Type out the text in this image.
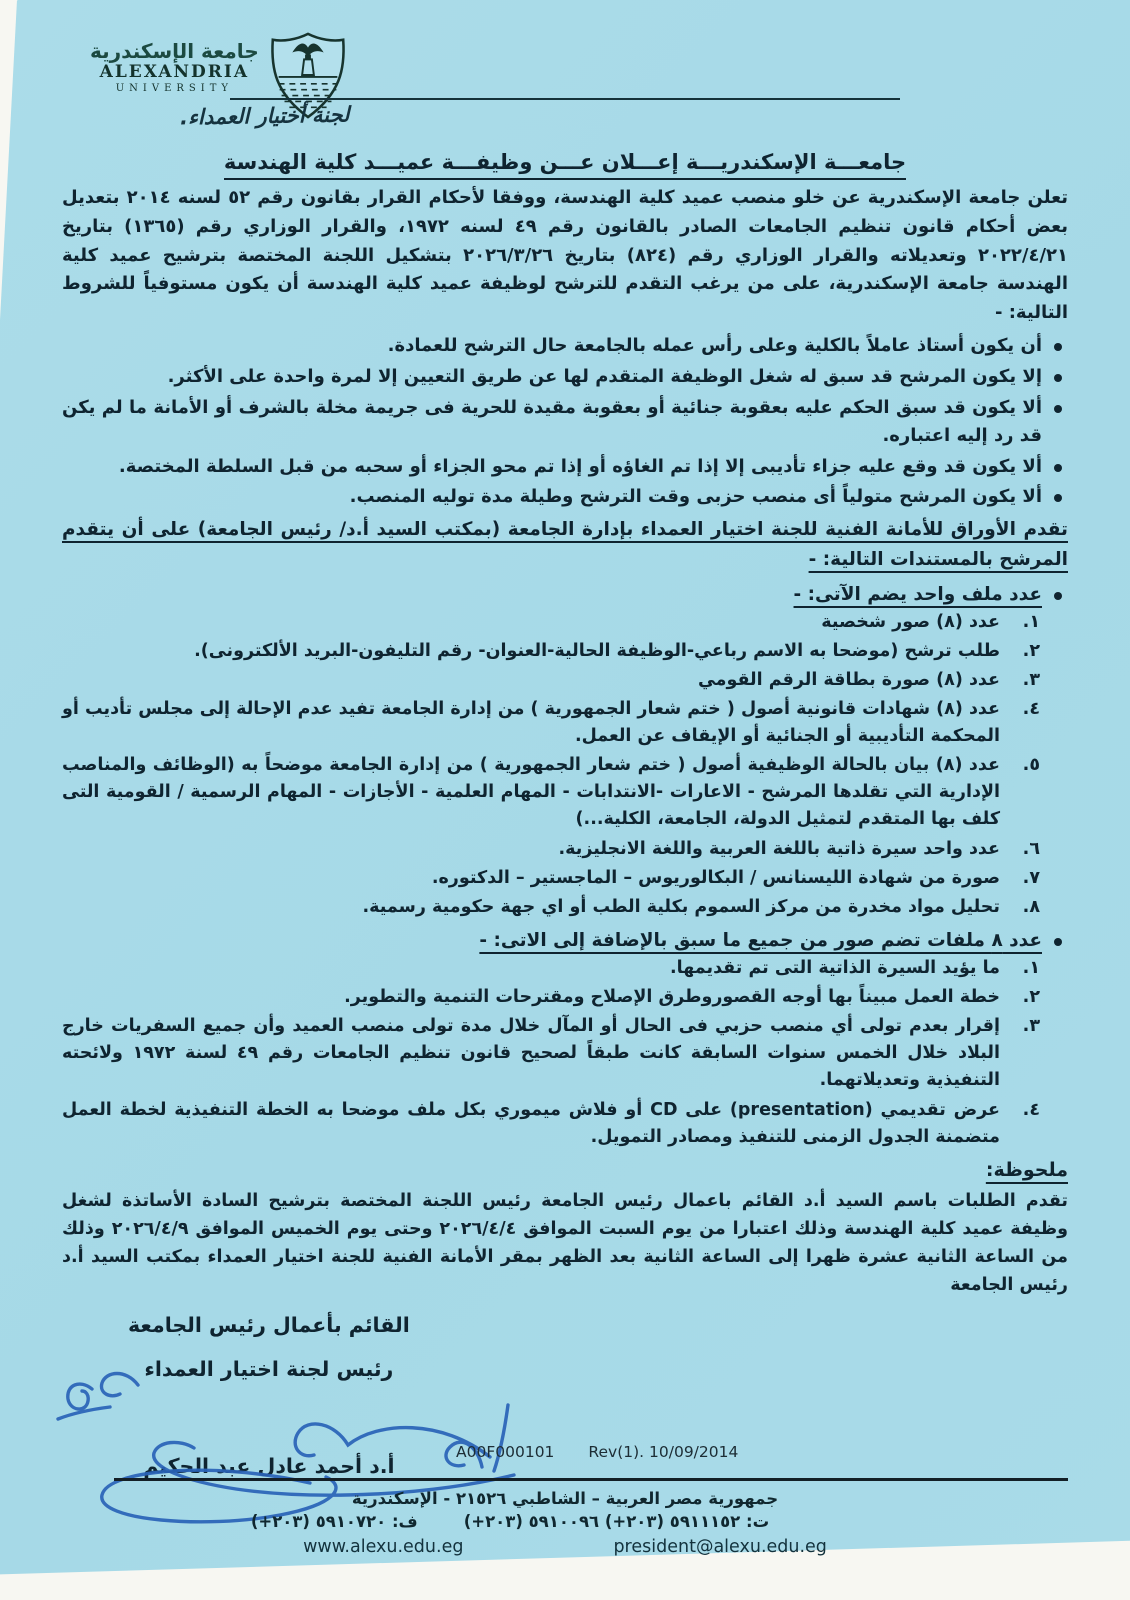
جامعة الإسكندرية
ALEXANDRIA
UNIVERSITY
لجنة أختيار العمداء.
جامعـــة الإسكندريـــة إعـــلان عـــن وظيفـــة عميـــد كلية الهندسة

تعلن جامعة الإسكندرية عن خلو منصب عميد كلية الهندسة، ووفقا لأحكام القرار بقانون رقم ٥٢ لسنه ٢٠١٤ بتعديل بعض أحكام قانون تنظيم الجامعات الصادر بالقانون رقم ٤٩ لسنه ١٩٧٢، والقرار الوزاري رقم (١٣٦٥) بتاريخ ٢٠٢٢/٤/٢١ وتعديلاته والقرار الوزاري رقم (٨٢٤) بتاريخ ٢٠٢٦/٣/٢٦ بتشكيل اللجنة المختصة بترشيح عميد كلية الهندسة جامعة الإسكندرية، على من يرغب التقدم للترشح لوظيفة عميد كلية الهندسة أن يكون مستوفياً للشروط التالية: -

أن يكون أستاذ عاملاً بالكلية وعلى رأس عمله بالجامعة حال الترشح للعمادة.
إلا يكون المرشح قد سبق له شغل الوظيفة المتقدم لها عن طريق التعيين إلا لمرة واحدة على الأكثر.
ألا يكون قد سبق الحكم عليه بعقوبة جنائية أو بعقوبة مقيدة للحرية فى جريمة مخلة بالشرف أو الأمانة ما لم يكن قد رد إليه اعتباره.
ألا يكون قد وقع عليه جزاء تأديبى إلا إذا تم الغاؤه أو إذا تم محو الجزاء أو سحبه من قبل السلطة المختصة.
ألا يكون المرشح متولياً أى منصب حزبى وقت الترشح وطيلة مدة توليه المنصب.

تقدم الأوراق للأمانة الفنية للجنة اختيار العمداء بإدارة الجامعة (بمكتب السيد أ.د/ رئيس الجامعة) على أن يتقدم المرشح بالمستندات التالية: -

عدد ملف واحد يضم الآتى: -
١.
عدد (٨) صور شخصية
٢.
طلب ترشح (موضحا به الاسم رباعي-الوظيفة الحالية-العنوان- رقم التليفون-البريد الألكترونى).
٣.
عدد (٨) صورة بطاقة الرقم القومي
٤.
عدد (٨) شهادات قانونية أصول ( ختم شعار الجمهورية ) من إدارة الجامعة تفيد عدم الإحالة إلى مجلس تأديب أو المحكمة التأديبية أو الجنائية أو الإيقاف عن العمل.
٥.
عدد (٨) بيان بالحالة الوظيفية أصول ( ختم شعار الجمهورية ) من إدارة الجامعة موضحاً به (الوظائف والمناصب الإدارية التي تقلدها المرشح - الاعارات -الانتدابات - المهام العلمية - الأجازات - المهام الرسمية / القومية التى كلف بها المتقدم لتمثيل الدولة، الجامعة، الكلية...)
٦.
عدد واحد سيرة ذاتية باللغة العربية واللغة الانجليزية.
٧.
صورة من شهادة الليسنانس / البكالوريوس – الماجستير – الدكتوره.
٨.
تحليل مواد مخدرة من مركز السموم بكلية الطب أو اي جهة حكومية رسمية.
عدد ٨ ملفات تضم صور من جميع ما سبق بالإضافة إلى الاتى: -
١.
ما يؤيد السيرة الذاتية التى تم تقديمها.
٢.
خطة العمل مبيناً بها أوجه القصوروطرق الإصلاح ومقترحات التنمية والتطوير.
٣.
إقرار بعدم تولى أي منصب حزبي فى الحال أو المآل خلال مدة تولى منصب العميد وأن جميع السفريات خارج البلاد خلال الخمس سنوات السابقة كانت طبقاً لصحيح قانون تنظيم الجامعات رقم ٤٩ لسنة ١٩٧٢ ولائحته التنفيذية وتعديلاتهما.
٤.
عرض تقديمي (presentation) على CD أو فلاش ميموري بكل ملف موضحا به الخطة التنفيذية لخطة العمل متضمنة الجدول الزمنى للتنفيذ ومصادر التمويل.
ملحوظة:

تقدم الطلبات باسم السيد أ.د القائم باعمال رئيس الجامعة رئيس اللجنة المختصة بترشيح السادة الأساتذة لشغل وظيفة عميد كلية الهندسة وذلك اعتبارا من يوم السبت الموافق ٢٠٢٦/٤/٤ وحتى يوم الخميس الموافق ٢٠٢٦/٤/٩ وذلك من الساعة الثانية عشرة ظهرا إلى الساعة الثانية بعد الظهر بمقر الأمانة الفنية للجنة اختيار العمداء بمكتب السيد أ.د رئيس الجامعة

القائم بأعمال رئيس الجامعة
رئيس لجنة اختيار العمداء
أ.د أحمد عادل عبد الحكيم
A00F000101 Rev(1). 10/09/2014
جمهورية مصر العربية – الشاطبي ٢١٥٢٦ - الإسكندرية
ت: ٥٩١١١٥٢ (٢٠٣+) ٥٩١٠٠٩٦ (٢٠٣+)
ف: ٥٩١٠٧٢٠ (٢٠٣+)
www.alexu.edu.eg	president@alexu.edu.eg
